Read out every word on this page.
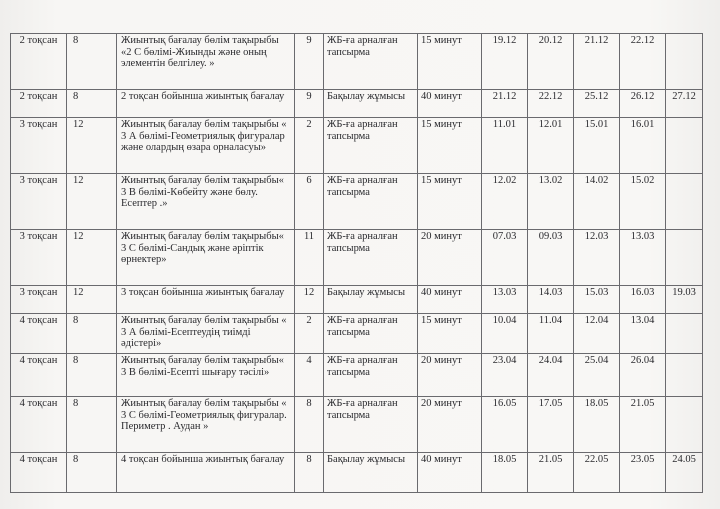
2 тоқсан	8	Жиынтық бағалау бөлім тақырыбы «2 С бөлімі-Жиынды және оның элементін белгілеу. »	9	ЖБ-ға арналған тапсырма	15 минут	19.12	20.12	21.12	22.12	
2 тоқсан	8	2 тоқсан бойынша жиынтық бағалау	9	Бақылау жұмысы	40 минут	21.12	22.12	25.12	26.12	27.12
3 тоқсан	12	Жиынтық бағалау бөлім тақырыбы « 3 А бөлімі-Геометриялық фигуралар және олардың өзара орналасуы»	2	ЖБ-ға арналған тапсырма	15 минут	11.01	12.01	15.01	16.01	
3 тоқсан	12	Жиынтық бағалау бөлім тақырыбы« 3 В бөлімі-Көбейту және бөлу. Есептер .»	6	ЖБ-ға арналған тапсырма	15 минут	12.02	13.02	14.02	15.02	
3 тоқсан	12	Жиынтық бағалау бөлім тақырыбы« 3 С бөлімі-Сандық және әріптік өрнектер»	11	ЖБ-ға арналған тапсырма	20 минут	07.03	09.03	12.03	13.03	
3 тоқсан	12	3 тоқсан бойынша жиынтық бағалау	12	Бақылау жұмысы	40 минут	13.03	14.03	15.03	16.03	19.03
4 тоқсан	8	Жиынтық бағалау бөлім тақырыбы « 3 А бөлімі-Есептеудің тиімді әдістері»	2	ЖБ-ға арналған тапсырма	15 минут	10.04	11.04	12.04	13.04	
4 тоқсан	8	Жиынтық бағалау бөлім тақырыбы« 3 В бөлімі-Есепті шығару тәсілі»	4	ЖБ-ға арналған тапсырма	20 минут	23.04	24.04	25.04	26.04	
4 тоқсан	8	Жиынтық бағалау бөлім тақырыбы « 3 С бөлімі-Геометриялық фигуралар. Периметр . Аудан »	8	ЖБ-ға арналған тапсырма	20 минут	16.05	17.05	18.05	21.05	
4 тоқсан	8	4 тоқсан бойынша жиынтық бағалау	8	Бақылау жұмысы	40 минут	18.05	21.05	22.05	23.05	24.05
